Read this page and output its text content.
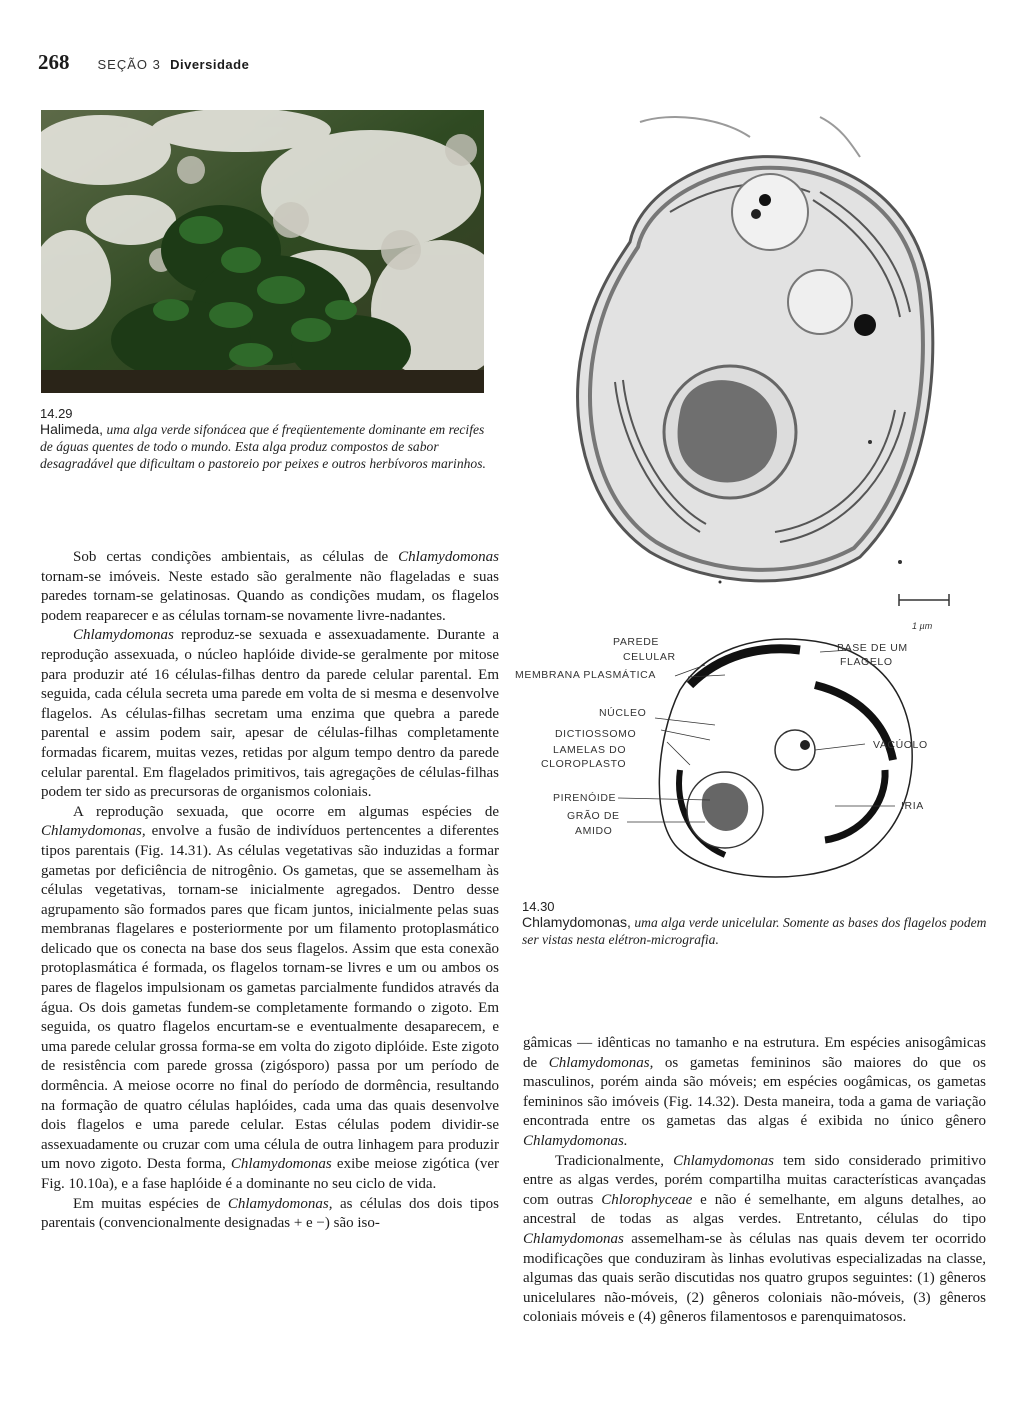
268 SEÇÃO 3 Diversidade
14.29
Halimeda, uma alga verde sifonácea que é freqüentemente dominante em recifes de águas quentes de todo o mundo. Esta alga produz compostos de sabor desagradável que dificultam o pastoreio por peixes e outros herbívoros marinhos.
1 µm
PAREDE
CELULAR
MEMBRANA PLASMÁTICA
NÚCLEO
DICTIOSSOMO
LAMELAS DO
CLOROPLASTO
PIRENÓIDE
GRÃO DE
AMIDO
BASE DE UM
FLAGELO
VACÚOLO
IRIA
14.30
Chlamydomonas, uma alga verde unicelular. Somente as bases dos flagelos podem ser vistas nesta elétron-micrografia.

Sob certas condições ambientais, as células de Chlamydomonas tornam-se imóveis. Neste estado são geralmente não flageladas e suas paredes tornam-se gelatinosas. Quando as condições mudam, os flagelos podem reaparecer e as células tornam-se novamente livre-nadantes.

Chlamydomonas reproduz-se sexuada e assexuadamente. Durante a reprodução assexuada, o núcleo haplóide divide-se geralmente por mitose para produzir até 16 células-filhas dentro da parede celular parental. Em seguida, cada célula secreta uma parede em volta de si mesma e desenvolve flagelos. As células-filhas secretam uma enzima que quebra a parede parental e assim podem sair, apesar de células-filhas completamente formadas ficarem, muitas vezes, retidas por algum tempo dentro da parede celular parental. Em flagelados primitivos, tais agregações de células-filhas podem ter sido as precursoras de organismos coloniais.

A reprodução sexuada, que ocorre em algumas espécies de Chlamydomonas, envolve a fusão de indivíduos pertencentes a diferentes tipos parentais (Fig. 14.31). As células vegetativas são induzidas a formar gametas por deficiência de nitrogênio. Os gametas, que se assemelham às células vegetativas, tornam-se inicialmente agregados. Dentro desse agrupamento são formados pares que ficam juntos, inicialmente pelas suas membranas flagelares e posteriormente por um filamento protoplasmático delicado que os conecta na base dos seus flagelos. Assim que esta conexão protoplasmática é formada, os flagelos tornam-se livres e um ou ambos os pares de flagelos impulsionam os gametas parcialmente fundidos através da água. Os dois gametas fundem-se completamente formando o zigoto. Em seguida, os quatro flagelos encurtam-se e eventualmente desaparecem, e uma parede celular grossa forma-se em volta do zigoto diplóide. Este zigoto de resistência com parede grossa (zigósporo) passa por um período de dormência. A meiose ocorre no final do período de dormência, resultando na formação de quatro células haplóides, cada uma das quais desenvolve dois flagelos e uma parede celular. Estas células podem dividir-se assexuadamente ou cruzar com uma célula de outra linhagem para produzir um novo zigoto. Desta forma, Chlamydomonas exibe meiose zigótica (ver Fig. 10.10a), e a fase haplóide é a dominante no seu ciclo de vida.

Em muitas espécies de Chlamydomonas, as células dos dois tipos parentais (convencionalmente designadas + e −) são iso-

gâmicas — idênticas no tamanho e na estrutura. Em espécies anisogâmicas de Chlamydomonas, os gametas femininos são maiores do que os masculinos, porém ainda são móveis; em espécies oogâmicas, os gametas femininos são imóveis (Fig. 14.32). Desta maneira, toda a gama de variação encontrada entre os gametas das algas é exibida no único gênero Chlamydomonas.

Tradicionalmente, Chlamydomonas tem sido considerado primitivo entre as algas verdes, porém compartilha muitas características avançadas com outras Chlorophyceae e não é semelhante, em alguns detalhes, ao ancestral de todas as algas verdes. Entretanto, células do tipo Chlamydomonas assemelham-se às células nas quais devem ter ocorrido modificações que conduziram às linhas evolutivas especializadas na classe, algumas das quais serão discutidas nos quatro grupos seguintes: (1) gêneros unicelulares não-móveis, (2) gêneros coloniais não-móveis, (3) gêneros coloniais móveis e (4) gêneros filamentosos e parenquimatosos.
